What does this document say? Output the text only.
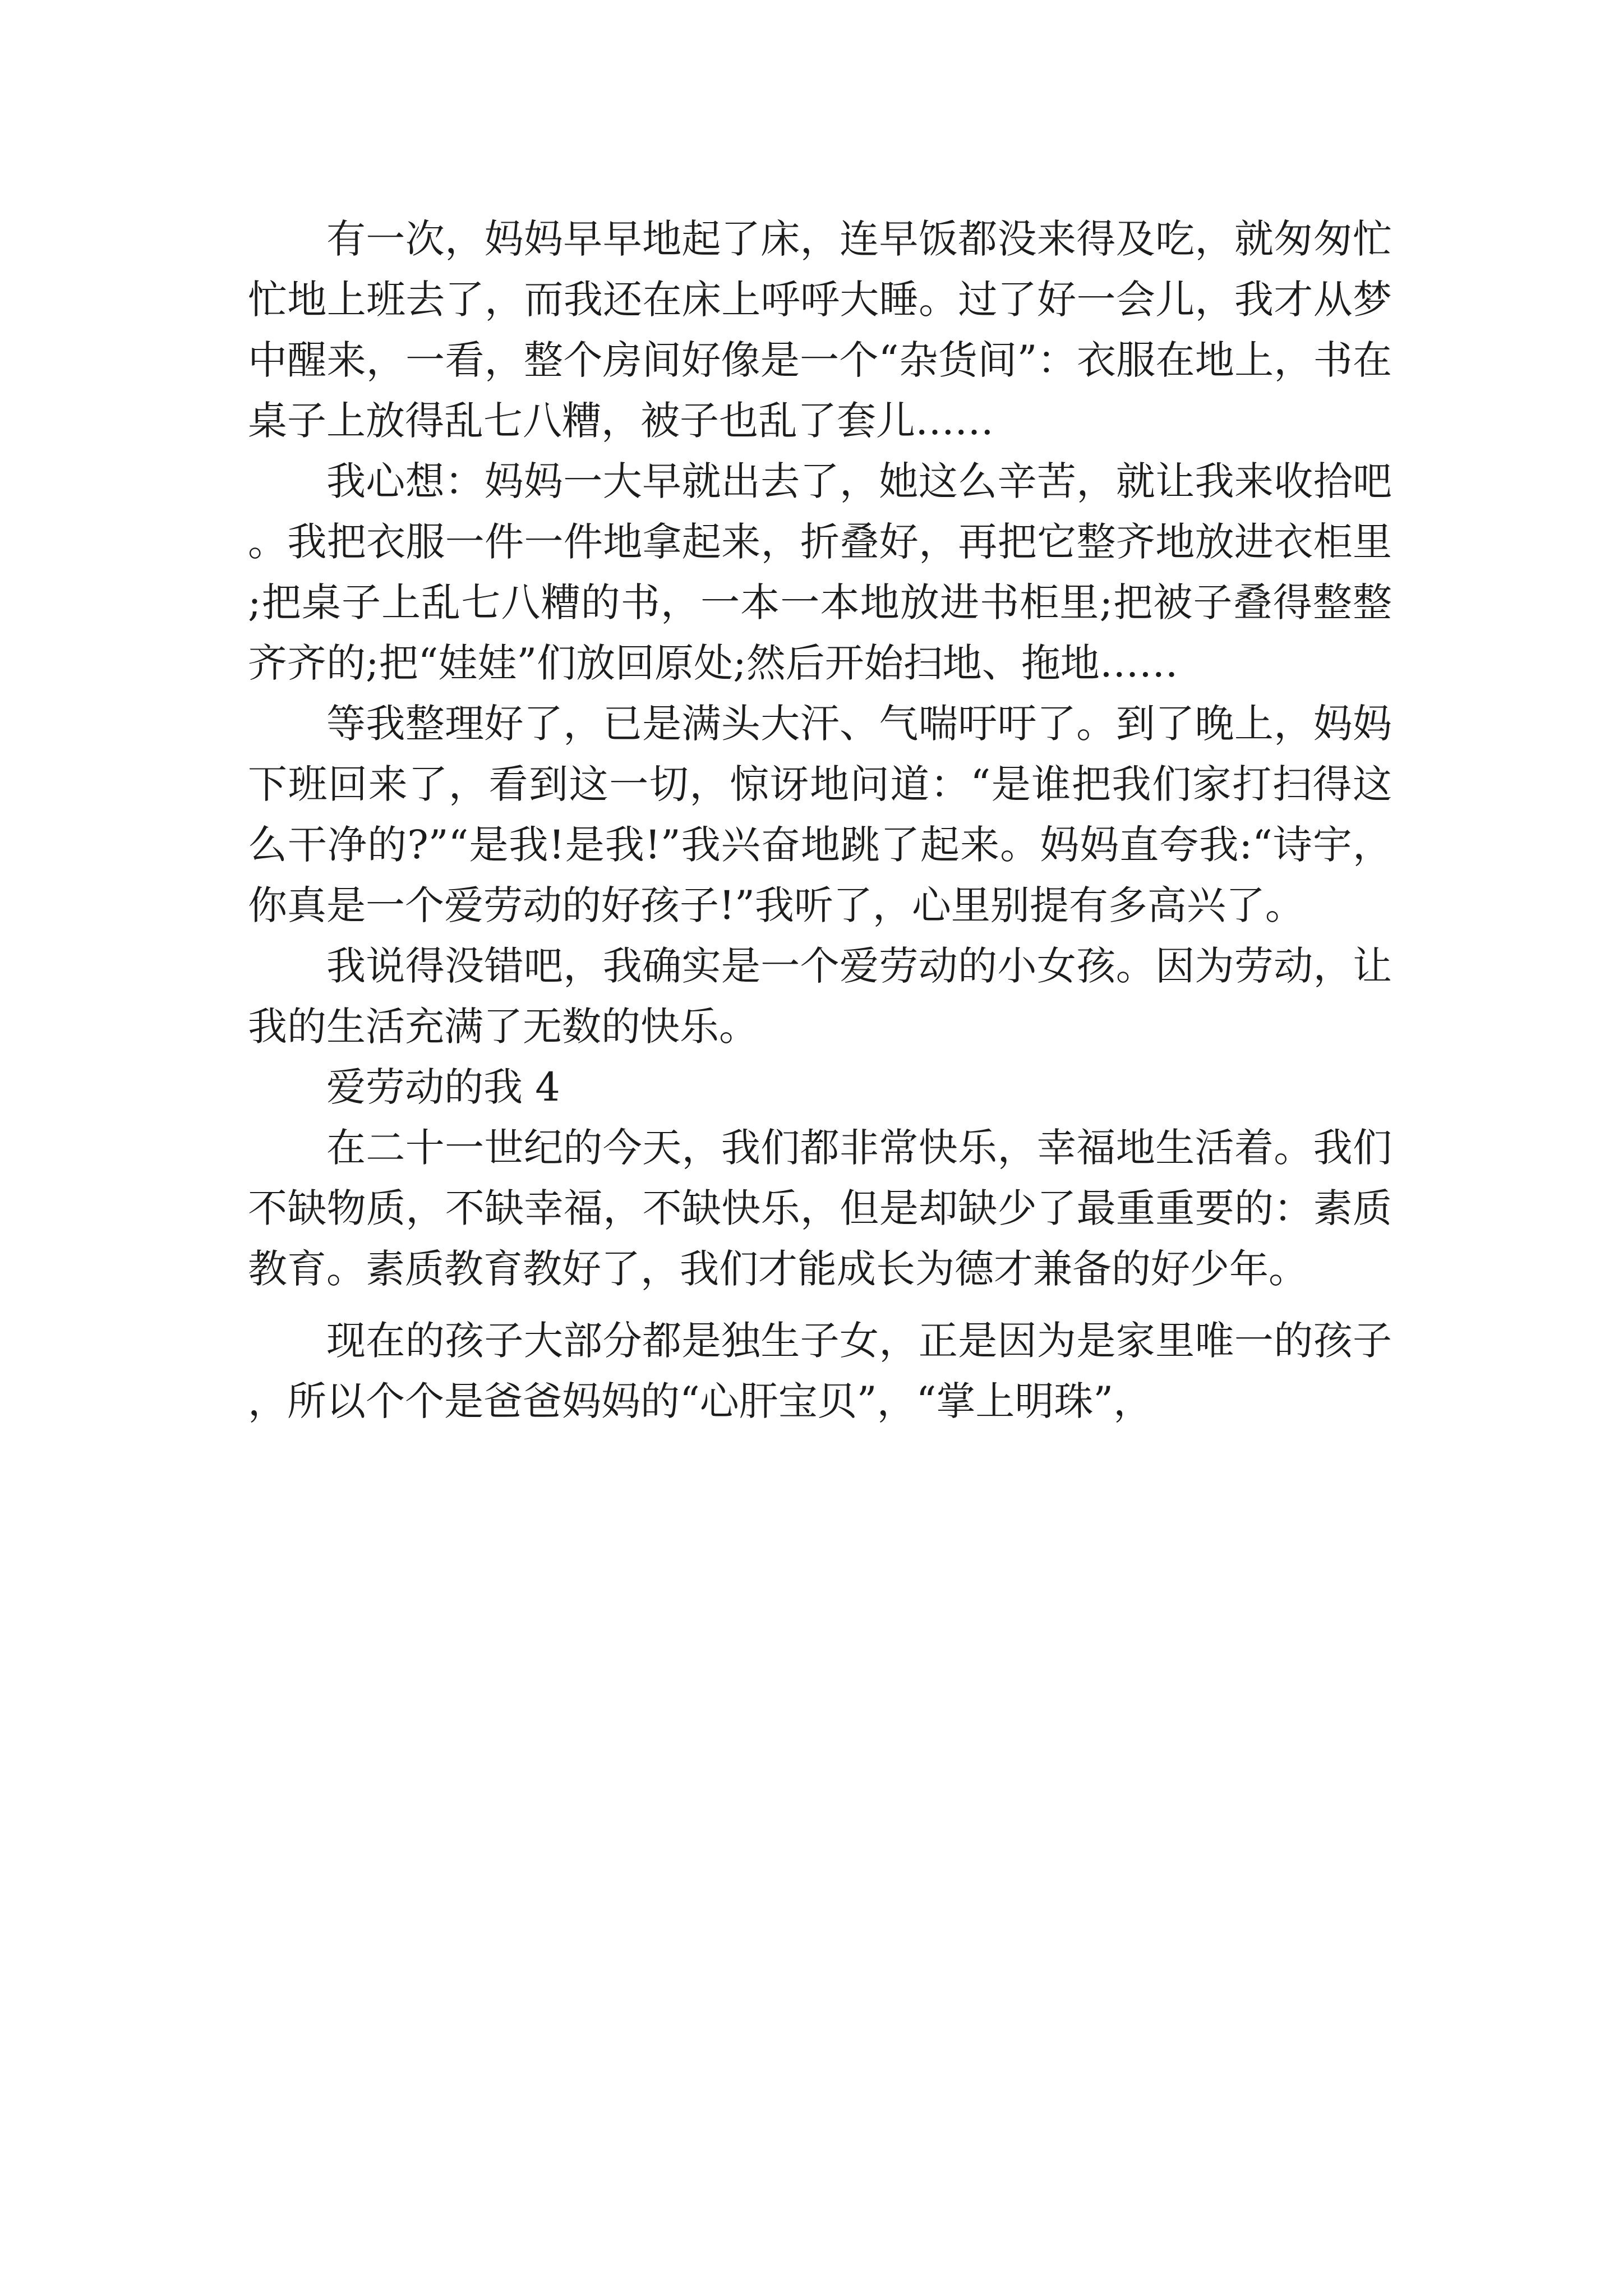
有一次，妈妈早早地起了床，连早饭都没来得及吃，就匆匆忙忙地上班去了，而我还在床上呼呼大睡。过了好一会儿，我才从梦中醒来，一看，整个房间好像是一个“杂货间”：衣服在地上，书在桌子上放得乱七八糟，被子也乱了套儿……

我心想：妈妈一大早就出去了，她这么辛苦，就让我来收拾吧。我把衣服一件一件地拿起来，折叠好，再把它整齐地放进衣柜里;把桌子上乱七八糟的书，一本一本地放进书柜里;把被子叠得整整齐齐的;把“娃娃”们放回原处;然后开始扫地、拖地……

等我整理好了，已是满头大汗、气喘吁吁了。到了晚上，妈妈下班回来了，看到这一切，惊讶地问道：“是谁把我们家打扫得这么干净的?”“是我!是我!”我兴奋地跳了起来。妈妈直夸我:“诗宇，你真是一个爱劳动的好孩子!”我听了，心里别提有多高兴了。

我说得没错吧，我确实是一个爱劳动的小女孩。因为劳动，让我的生活充满了无数的快乐。

爱劳动的我 4

在二十一世纪的今天，我们都非常快乐，幸福地生活着。我们不缺物质，不缺幸福，不缺快乐，但是却缺少了最重重要的：素质教育。素质教育教好了，我们才能成长为德才兼备的好少年。

现在的孩子大部分都是独生子女，正是因为是家里唯一的孩子，所以个个是爸爸妈妈的“心肝宝贝”，“掌上明珠”，
